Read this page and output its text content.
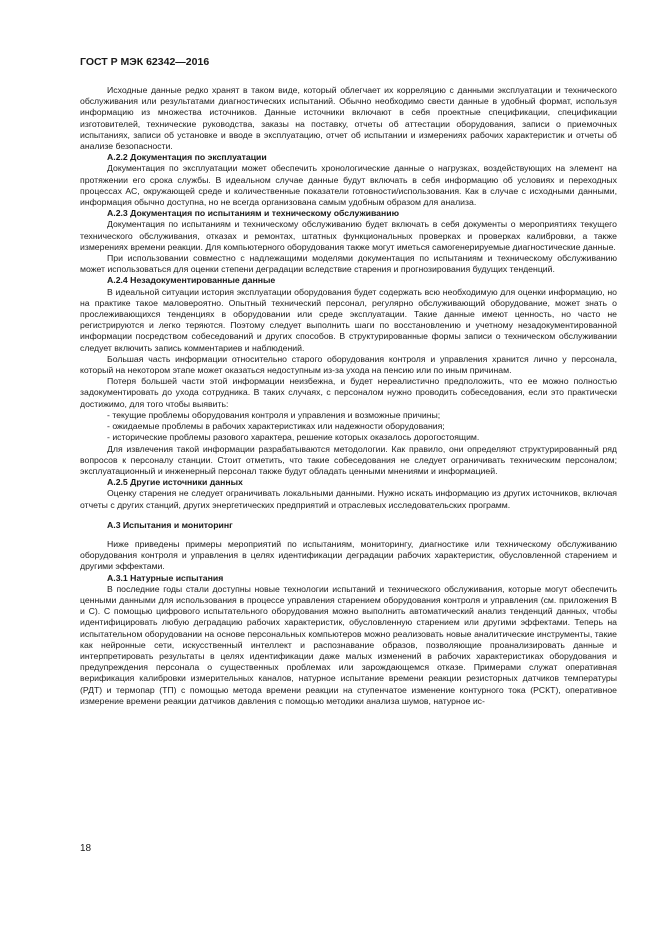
ГОСТ Р МЭК 62342—2016

Исходные данные редко хранят в таком виде, который облегчает их корреляцию с данными эксплуатации и технического обслуживания или результатами диагностических испытаний. Обычно необходимо свести данные в удобный формат, используя информацию из множества источников. Данные источники включают в себя проектные спецификации, спецификации изготовителей, технические руководства, заказы на поставку, отчеты об аттестации оборудования, записи о приемочных испытаниях, записи об установке и вводе в эксплуатацию, отчет об испытании и измерениях рабочих характеристик и отчеты об анализе безопасности.

А.2.2 Документация по эксплуатации

Документация по эксплуатации может обеспечить хронологические данные о нагрузках, воздействующих на элемент на протяжении его срока службы. В идеальном случае данные будут включать в себя информацию об условиях и переходных процессах АС, окружающей среде и количественные показатели готовности/использования. Как в случае с исходными данными, информация обычно доступна, но не всегда организована самым удобным образом для анализа.

А.2.3 Документация по испытаниям и техническому обслуживанию

Документация по испытаниям и техническому обслуживанию будет включать в себя документы о мероприятиях текущего технического обслуживания, отказах и ремонтах, штатных функциональных проверках и проверках калибровки, а также измерениях времени реакции. Для компьютерного оборудования также могут иметься самогенерируемые диагностические данные.

При использовании совместно с надлежащими моделями документация по испытаниям и техническому обслуживанию может использоваться для оценки степени деградации вследствие старения и прогнозирования будущих тенденций.

А.2.4 Незадокументированные данные

В идеальной ситуации история эксплуатации оборудования будет содержать всю необходимую для оценки информацию, но на практике такое маловероятно. Опытный технический персонал, регулярно обслуживающий оборудование, может знать о прослеживающихся тенденциях в оборудовании или среде эксплуатации. Такие данные имеют ценность, но часто не регистрируются и легко теряются. Поэтому следует выполнить шаги по восстановлению и учетному незадокументированной информации посредством собеседований и других способов. В структурированные формы записи о техническом обслуживании следует включить запись комментариев и наблюдений.

Большая часть информации относительно старого оборудования контроля и управления хранится лично у персонала, который на некотором этапе может оказаться недоступным из-за ухода на пенсию или по иным причинам.

Потеря большей части этой информации неизбежна, и будет нереалистично предположить, что ее можно полностью задокументировать до ухода сотрудника. В таких случаях, с персоналом нужно проводить собеседования, если это практически достижимо, для того чтобы выявить:

- текущие проблемы оборудования контроля и управления и возможные причины;
- ожидаемые проблемы в рабочих характеристиках или надежности оборудования;
- исторические проблемы разового характера, решение которых оказалось дорогостоящим.

Для извлечения такой информации разрабатываются методологии. Как правило, они определяют структурированный ряд вопросов к персоналу станции. Стоит отметить, что такие собеседования не следует ограничивать техническим персоналом; эксплуатационный и инженерный персонал также будут обладать ценными мнениями и информацией.

А.2.5 Другие источники данных

Оценку старения не следует ограничивать локальными данными. Нужно искать информацию из других источников, включая отчеты с других станций, других энергетических предприятий и отраслевых исследовательских программ.

А.3 Испытания и мониторинг

Ниже приведены примеры мероприятий по испытаниям, мониторингу, диагностике или техническому обслуживанию оборудования контроля и управления в целях идентификации деградации рабочих характеристик, обусловленной старением и другими эффектами.

А.3.1 Натурные испытания

В последние годы стали доступны новые технологии испытаний и технического обслуживания, которые могут обеспечить ценными данными для использования в процессе управления старением оборудования контроля и управления (см. приложения В и С). С помощью цифрового испытательного оборудования можно выполнить автоматический анализ тенденций данных, чтобы идентифицировать любую деградацию рабочих характеристик, обусловленную старением или другими эффектами. Теперь на испытательном оборудовании на основе персональных компьютеров можно реализовать новые аналитические инструменты, такие как нейронные сети, искусственный интеллект и распознавание образов, позволяющие проанализировать данные и интерпретировать результаты в целях идентификации даже малых изменений в рабочих характеристиках оборудования и предупреждения персонала о существенных проблемах или зарождающемся отказе. Примерами служат оперативная верификация калибровки измерительных каналов, натурное испытание времени реакции резисторных датчиков температуры (РДТ) и термопар (ТП) с помощью метода времени реакции на ступенчатое изменение контурного тока (РСКТ), оперативное измерение времени реакции датчиков давления с помощью методики анализа шумов, натурное ис-

18
